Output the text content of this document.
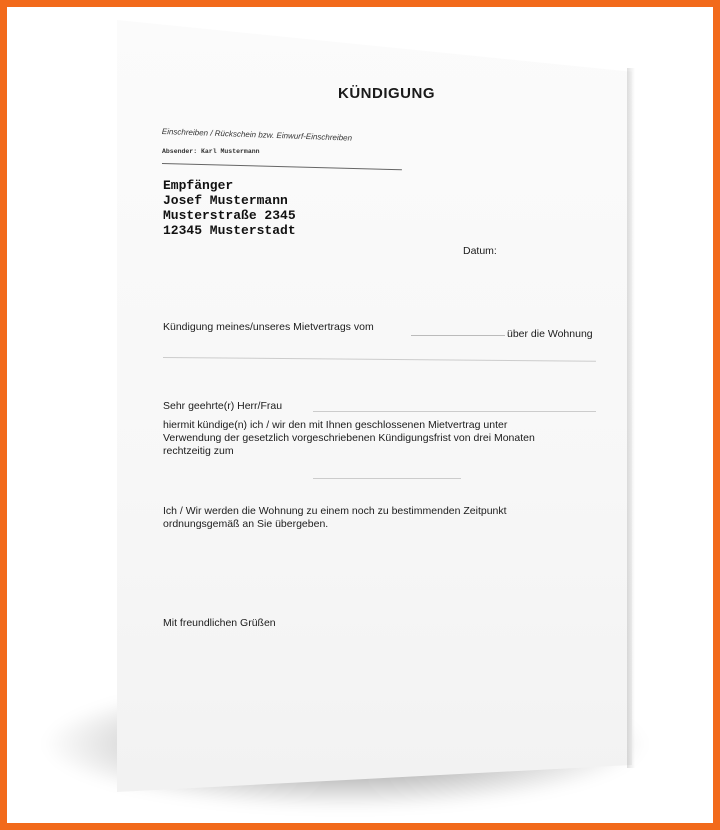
KÜNDIGUNG
Einschreiben / Rückschein bzw. Einwurf-Einschreiben
Absender: Karl Mustermann
Empfänger
Josef Mustermann
Musterstraße 2345
12345 Musterstadt
Datum:
Kündigung meines/unseres Mietvertrags vom
über die Wohnung
Sehr geehrte(r) Herr/Frau
hiermit kündige(n) ich / wir den mit Ihnen geschlossenen Mietvertrag unter
Verwendung der gesetzlich vorgeschriebenen Kündigungsfrist von drei Monaten
rechtzeitig zum
Ich / Wir werden die Wohnung zu einem noch zu bestimmenden Zeitpunkt
ordnungsgemäß an Sie übergeben.
Mit freundlichen Grüßen
